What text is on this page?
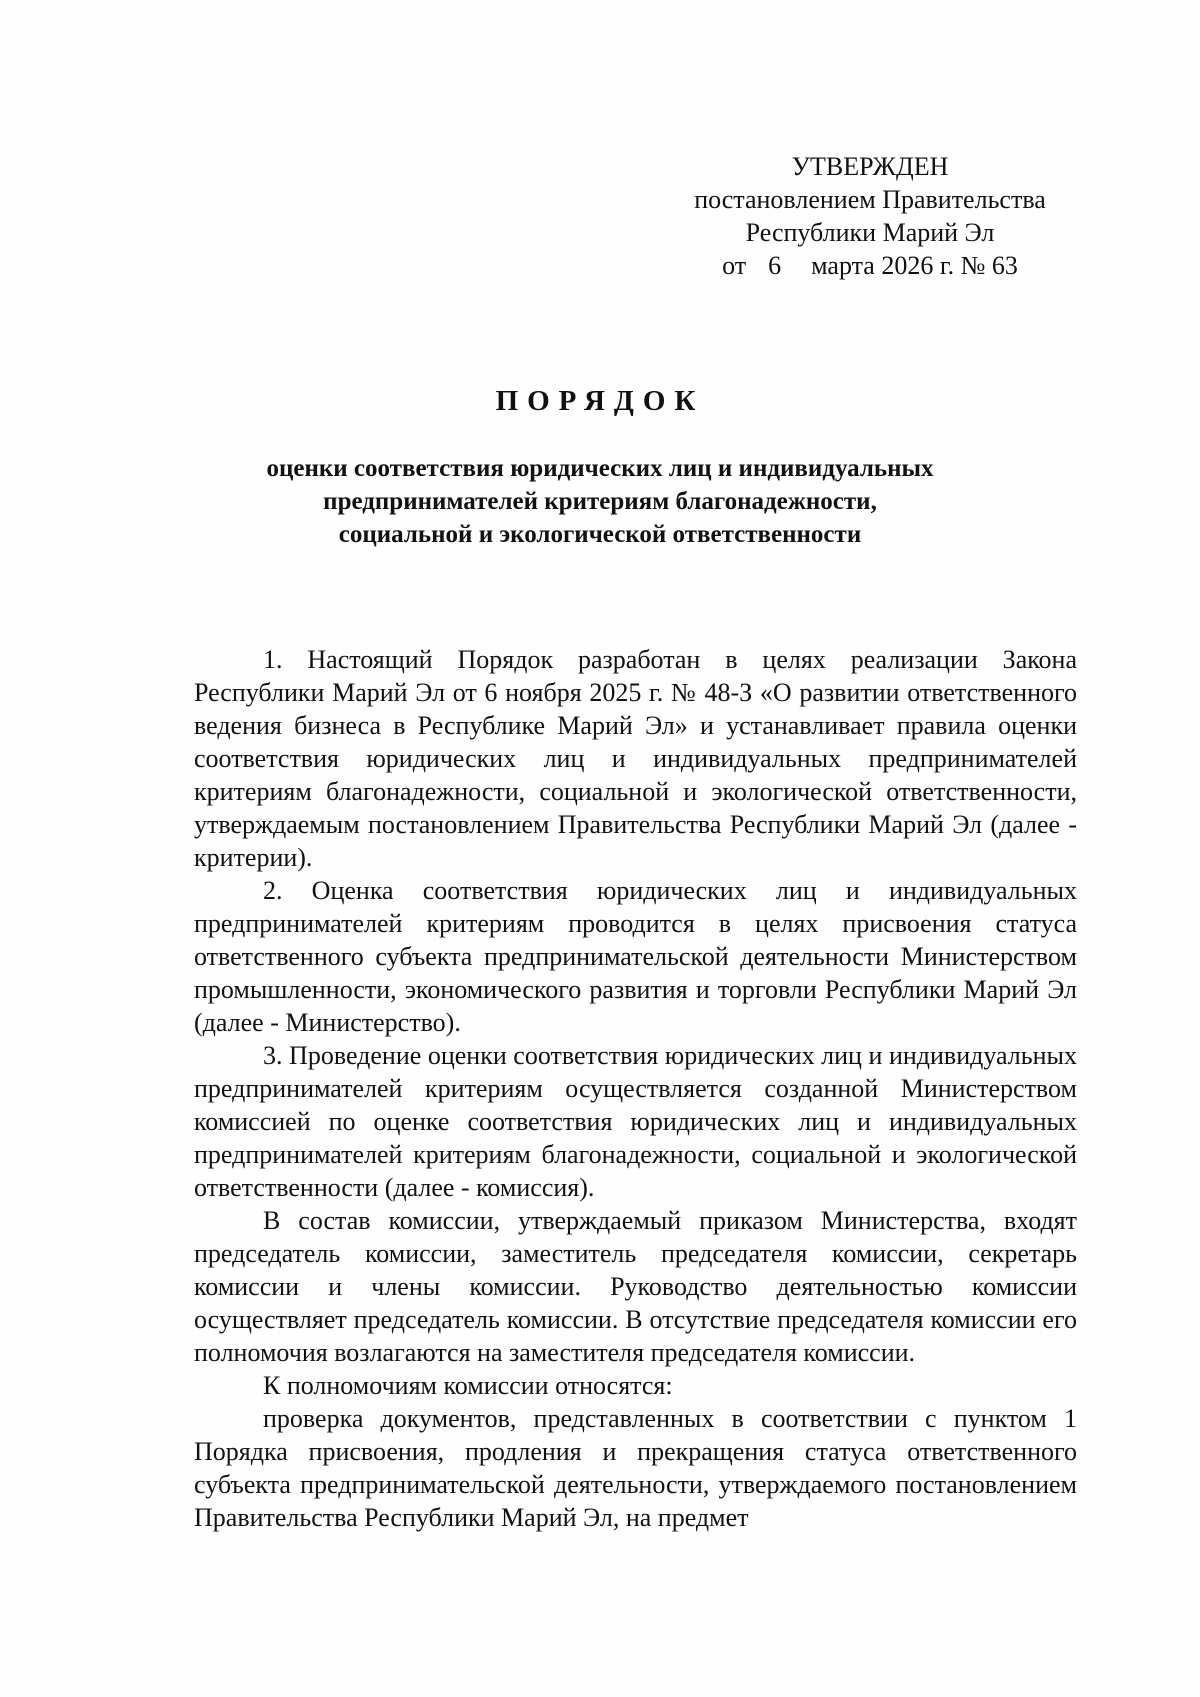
УТВЕРЖДЕН
постановлением Правительства
Республики Марий Эл
от 6 марта 2026 г. № 63
ПОРЯДОК
оценки соответствия юридических лиц и индивидуальных
предпринимателей критериям благонадежности,
социальной и экологической ответственности

1. Настоящий Порядок разработан в целях реализации Закона Республики Марий Эл от 6 ноября 2025 г. № 48-З «О развитии ответственного ведения бизнеса в Республике Марий Эл» и устанавливает правила оценки соответствия юридических лиц и индивидуальных предпринимателей критериям благонадежности, социальной и экологической ответственности, утверждаемым постановлением Правительства Республики Марий Эл (далее - критерии).

2. Оценка соответствия юридических лиц и индивидуальных предпринимателей критериям проводится в целях присвоения статуса ответственного субъекта предпринимательской деятельности Министерством промышленности, экономического развития и торговли Республики Марий Эл (далее - Министерство).

3. Проведение оценки соответствия юридических лиц и индивидуальных предпринимателей критериям осуществляется созданной Министерством комиссией по оценке соответствия юридических лиц и индивидуальных предпринимателей критериям благонадежности, социальной и экологической ответственности (далее - комиссия).

В состав комиссии, утверждаемый приказом Министерства, входят председатель комиссии, заместитель председателя комиссии, секретарь комиссии и члены комиссии. Руководство деятельностью комиссии осуществляет председатель комиссии. В отсутствие председателя комиссии его полномочия возлагаются на заместителя председателя комиссии.

К полномочиям комиссии относятся:

проверка документов, представленных в соответствии с пунктом 1 Порядка присвоения, продления и прекращения статуса ответственного субъекта предпринимательской деятельности, утверждаемого постановлением Правительства Республики Марий Эл, на предмет
